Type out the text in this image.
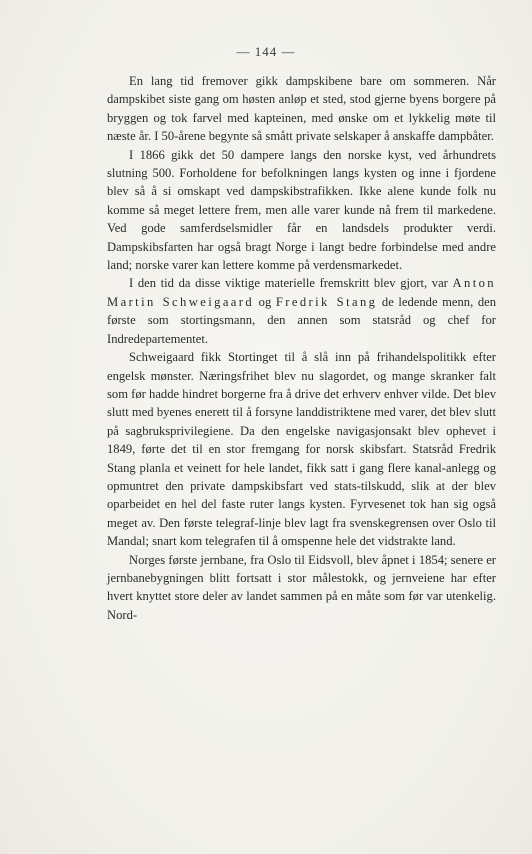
— 144 —

En lang tid fremover gikk dampskibene bare om sommeren. Når dampskibet siste gang om høsten anløp et sted, stod gjerne byens borgere på bryggen og tok farvel med kapteinen, med ønske om et lykkelig møte til næste år. I 50-årene begynte så smått private selskaper å anskaffe dampbåter.

I 1866 gikk det 50 dampere langs den norske kyst, ved århundrets slutning 500. Forholdene for befolkningen langs kysten og inne i fjordene blev så å si omskapt ved dampskibstrafikken. Ikke alene kunde folk nu komme så meget lettere frem, men alle varer kunde nå frem til markedene. Ved gode samferdselsmidler får en landsdels produkter verdi. Dampskibsfarten har også bragt Norge i langt bedre forbindelse med andre land; norske varer kan lettere komme på verdensmarkedet.

I den tid da disse viktige materielle fremskritt blev gjort, var Anton Martin Schweigaard og Fredrik Stang de ledende menn, den første som stortingsmann, den annen som statsråd og chef for Indredepartementet.

Schweigaard fikk Stortinget til å slå inn på frihandelspolitikk efter engelsk mønster. Næringsfrihet blev nu slagordet, og mange skranker falt som før hadde hindret borgerne fra å drive det erhverv enhver vilde. Det blev slutt med byenes enerett til å forsyne landdistriktene med varer, det blev slutt på sagbruksprivilegiene. Da den engelske navigasjonsakt blev ophevet i 1849, førte det til en stor fremgang for norsk skibsfart. Statsråd Fredrik Stang planla et veinett for hele landet, fikk satt i gang flere kanal-anlegg og opmuntret den private dampskibsfart ved stats-tilskudd, slik at der blev oparbeidet en hel del faste ruter langs kysten. Fyrvesenet tok han sig også meget av. Den første telegraf-linje blev lagt fra svenskegrensen over Oslo til Mandal; snart kom telegrafen til å omspenne hele det vidstrakte land.

Norges første jernbane, fra Oslo til Eidsvoll, blev åpnet i 1854; senere er jernbanebygningen blitt fortsatt i stor målestokk, og jernveiene har efter hvert knyttet store deler av landet sammen på en måte som før var utenkelig. Nord-
